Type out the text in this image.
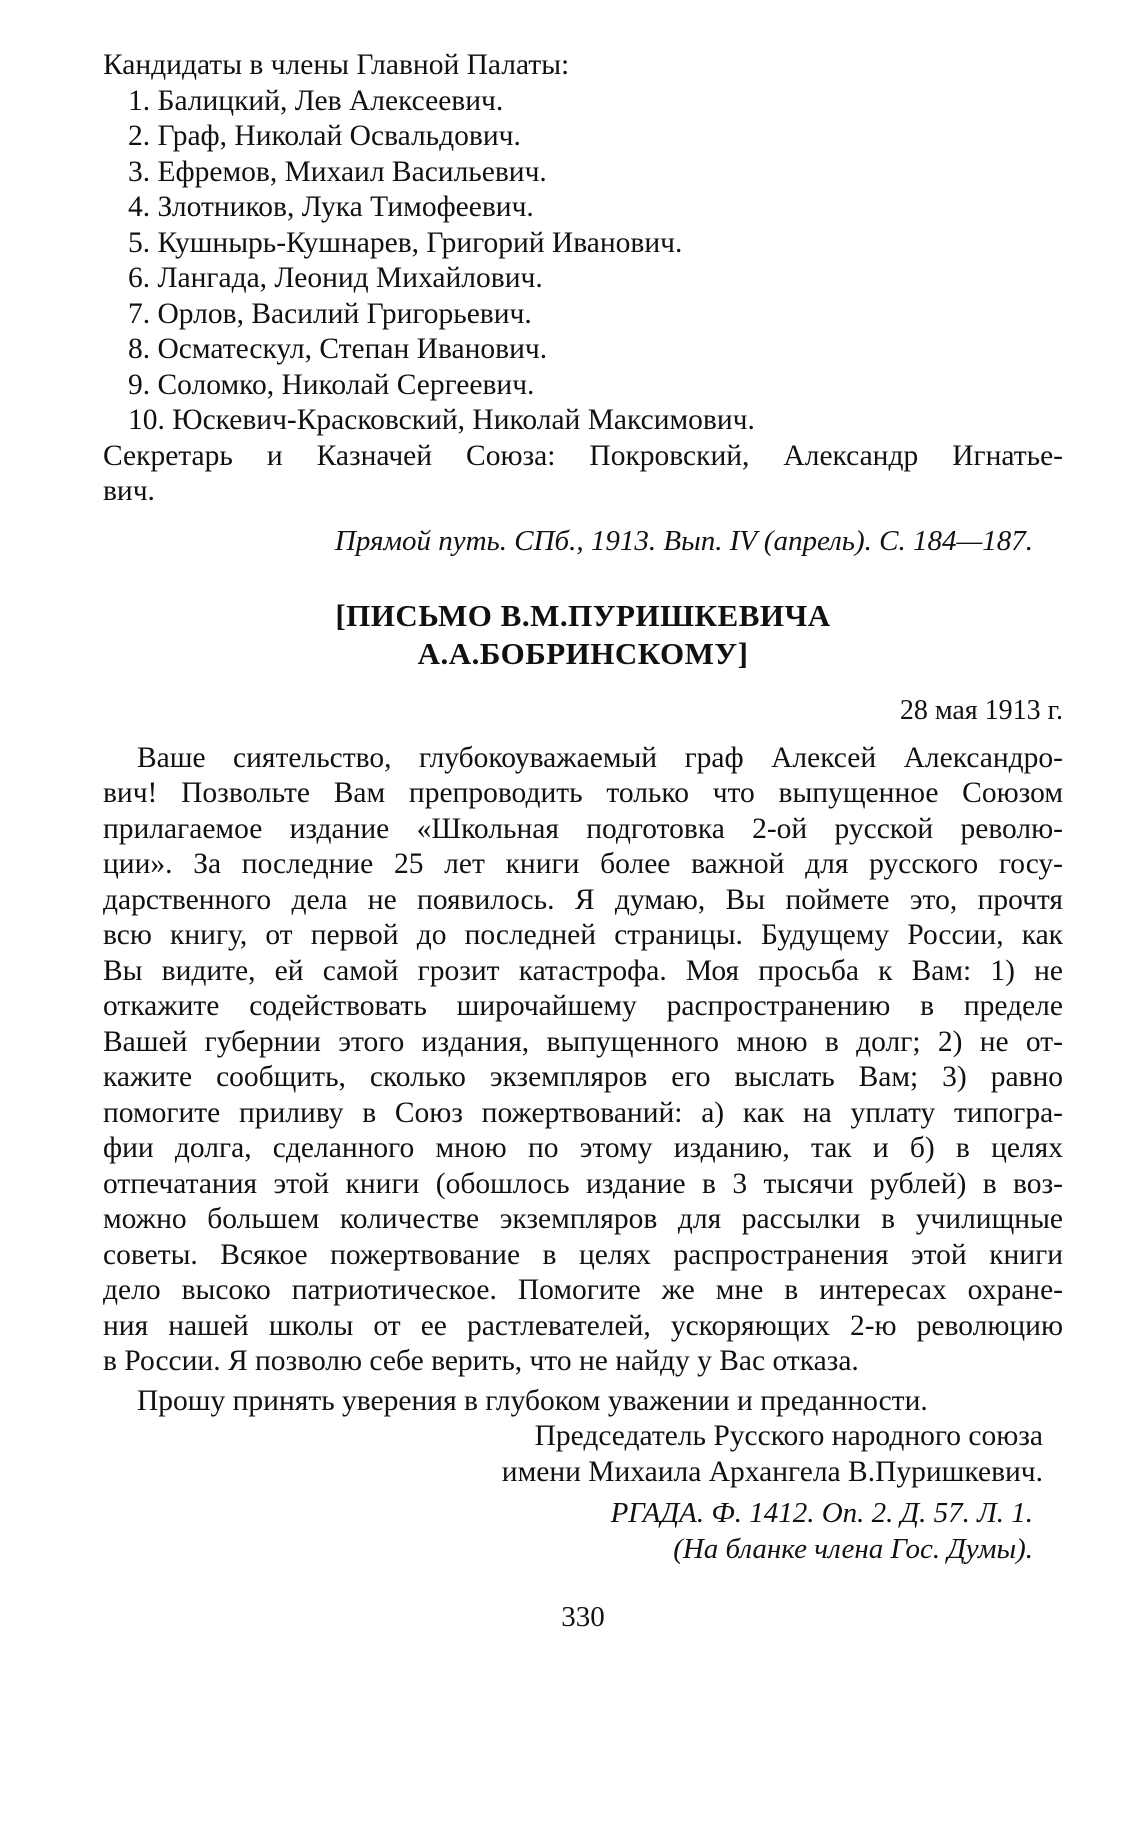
Кандидаты в члены Главной Палаты:
1. Балицкий, Лев Алексеевич.
2. Граф, Николай Освальдович.
3. Ефремов, Михаил Васильевич.
4. Злотников, Лука Тимофеевич.
5. Кушнырь-Кушнарев, Григорий Иванович.
6. Лангада, Леонид Михайлович.
7. Орлов, Василий Григорьевич.
8. Осматескул, Степан Иванович.
9. Соломко, Николай Сергеевич.
10. Юскевич-Красковский, Николай Максимович.
Секретарь и Казначей Союза: Покровский, Александр Игнатье-
вич.
Прямой путь. СПб., 1913. Вып. IV (апрель). С. 184—187.
[ПИСЬМО В.М.ПУРИШКЕВИЧА
А.А.БОБРИНСКОМУ]
28 мая 1913 г.
Ваше сиятельство, глубокоуважаемый граф Алексей Александро-
вич! Позвольте Вам препроводить только что выпущенное Союзом
прилагаемое издание «Школьная подготовка 2-ой русской револю-
ции». За последние 25 лет книги более важной для русского госу-
дарственного дела не появилось. Я думаю, Вы поймете это, прочтя
всю книгу, от первой до последней страницы. Будущему России, как
Вы видите, ей самой грозит катастрофа. Моя просьба к Вам: 1) не
откажите содействовать широчайшему распространению в пределе
Вашей губернии этого издания, выпущенного мною в долг; 2) не от-
кажите сообщить, сколько экземпляров его выслать Вам; 3) равно
помогите приливу в Союз пожертвований: а) как на уплату типогра-
фии долга, сделанного мною по этому изданию, так и б) в целях
отпечатания этой книги (обошлось издание в 3 тысячи рублей) в воз-
можно большем количестве экземпляров для рассылки в училищные
советы. Всякое пожертвование в целях распространения этой книги
дело высоко патриотическое. Помогите же мне в интересах охране-
ния нашей школы от ее растлевателей, ускоряющих 2-ю революцию
в России. Я позволю себе верить, что не найду у Вас отказа.
Прошу принять уверения в глубоком уважении и преданности.
Председатель Русского народного союза
имени Михаила Архангела В.Пуришкевич.
РГАДА. Ф. 1412. Оп. 2. Д. 57. Л. 1.
(На бланке члена Гос. Думы).
330
